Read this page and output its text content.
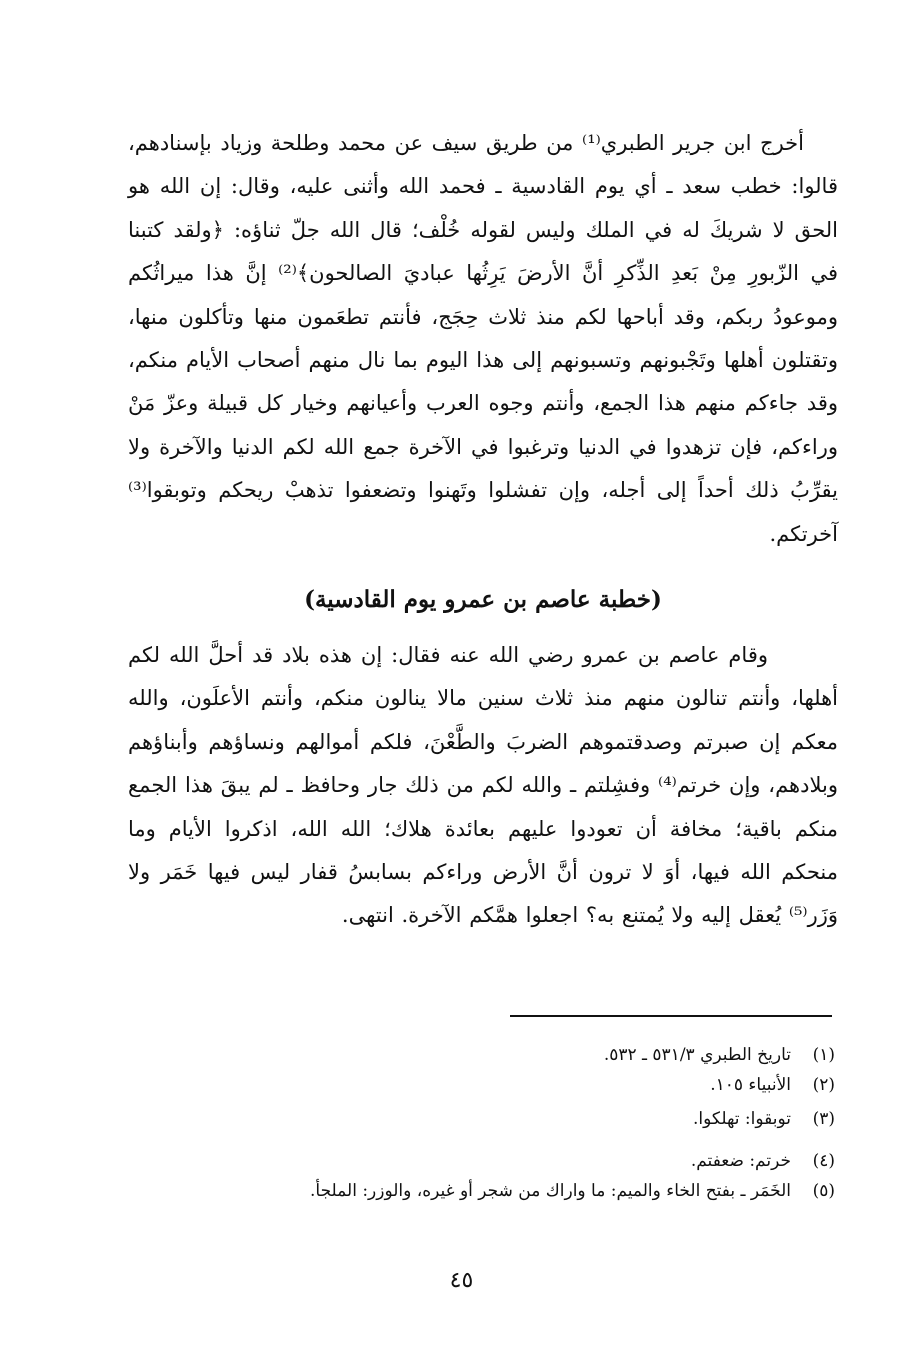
أخرج ابن جرير الطبري⁽¹⁾ من طريق سيف عن محمد وطلحة وزياد بإسنادهم، قالوا: خطب سعد ـ أي يوم القادسية ـ فحمد الله وأثنى عليه، وقال: إن الله هو الحق لا شريكَ له في الملك وليس لقوله خُلْف؛ قال الله جلّ ثناؤه: ﴿ولقد كتبنا في الزّبورِ مِنْ بَعدِ الذِّكرِ أنَّ الأرضَ يَرِثُها عباديَ الصالحون﴾⁽²⁾ إنَّ هذا ميراثُكم وموعودُ ربكم، وقد أباحها لكم منذ ثلاث حِجَج، فأنتم تطعَمون منها وتأكلون منها، وتقتلون أهلها وتَجْبونهم وتسبونهم إلى هذا اليوم بما نال منهم أصحاب الأيام منكم، وقد جاءكم منهم هذا الجمع، وأنتم وجوه العرب وأعيانهم وخيار كل قبيلة وعزّ مَنْ وراءكم، فإن تزهدوا في الدنيا وترغبوا في الآخرة جمع الله لكم الدنيا والآخرة ولا يقرِّبُ ذلك أحداً إلى أجله، وإن تفشلوا وتَهنوا وتضعفوا تذهبْ ريحكم وتوبقوا⁽³⁾ آخرتكم.

(خطبة عاصم بن عمرو يوم القادسية)

وقام عاصم بن عمرو رضي الله عنه فقال: إن هذه بلاد قد أحلَّ الله لكم أهلها، وأنتم تنالون منهم منذ ثلاث سنين مالا ينالون منكم، وأنتم الأعلَون، والله معكم إن صبرتم وصدقتموهم الضربَ والطَّعْنَ، فلكم أموالهم ونساؤهم وأبناؤهم وبلادهم، وإن خرتم⁽⁴⁾ وفشِلتم ـ والله لكم من ذلك جار وحافظ ـ لم يبقَ هذا الجمع منكم باقية؛ مخافة أن تعودوا عليهم بعائدة هلاك؛ الله الله، اذكروا الأيام وما منحكم الله فيها، أوَ لا ترون أنَّ الأرض وراءكم بسابسُ قفار ليس فيها خَمَر ولا وَزَر⁽⁵⁾ يُعقل إليه ولا يُمتنع به؟ اجعلوا همَّكم الآخرة. انتهى.

(١)
تاريخ الطبري ٥٣١/٣ ـ ٥٣٢.
(٢)
الأنبياء ١٠٥.
(٣)
توبقوا: تهلكوا.
(٤)
خرتم: ضعفتم.
(٥)
الخَمَر ـ بفتح الخاء والميم: ما واراك من شجر أو غيره، والوزر: الملجأ.
٤٥
